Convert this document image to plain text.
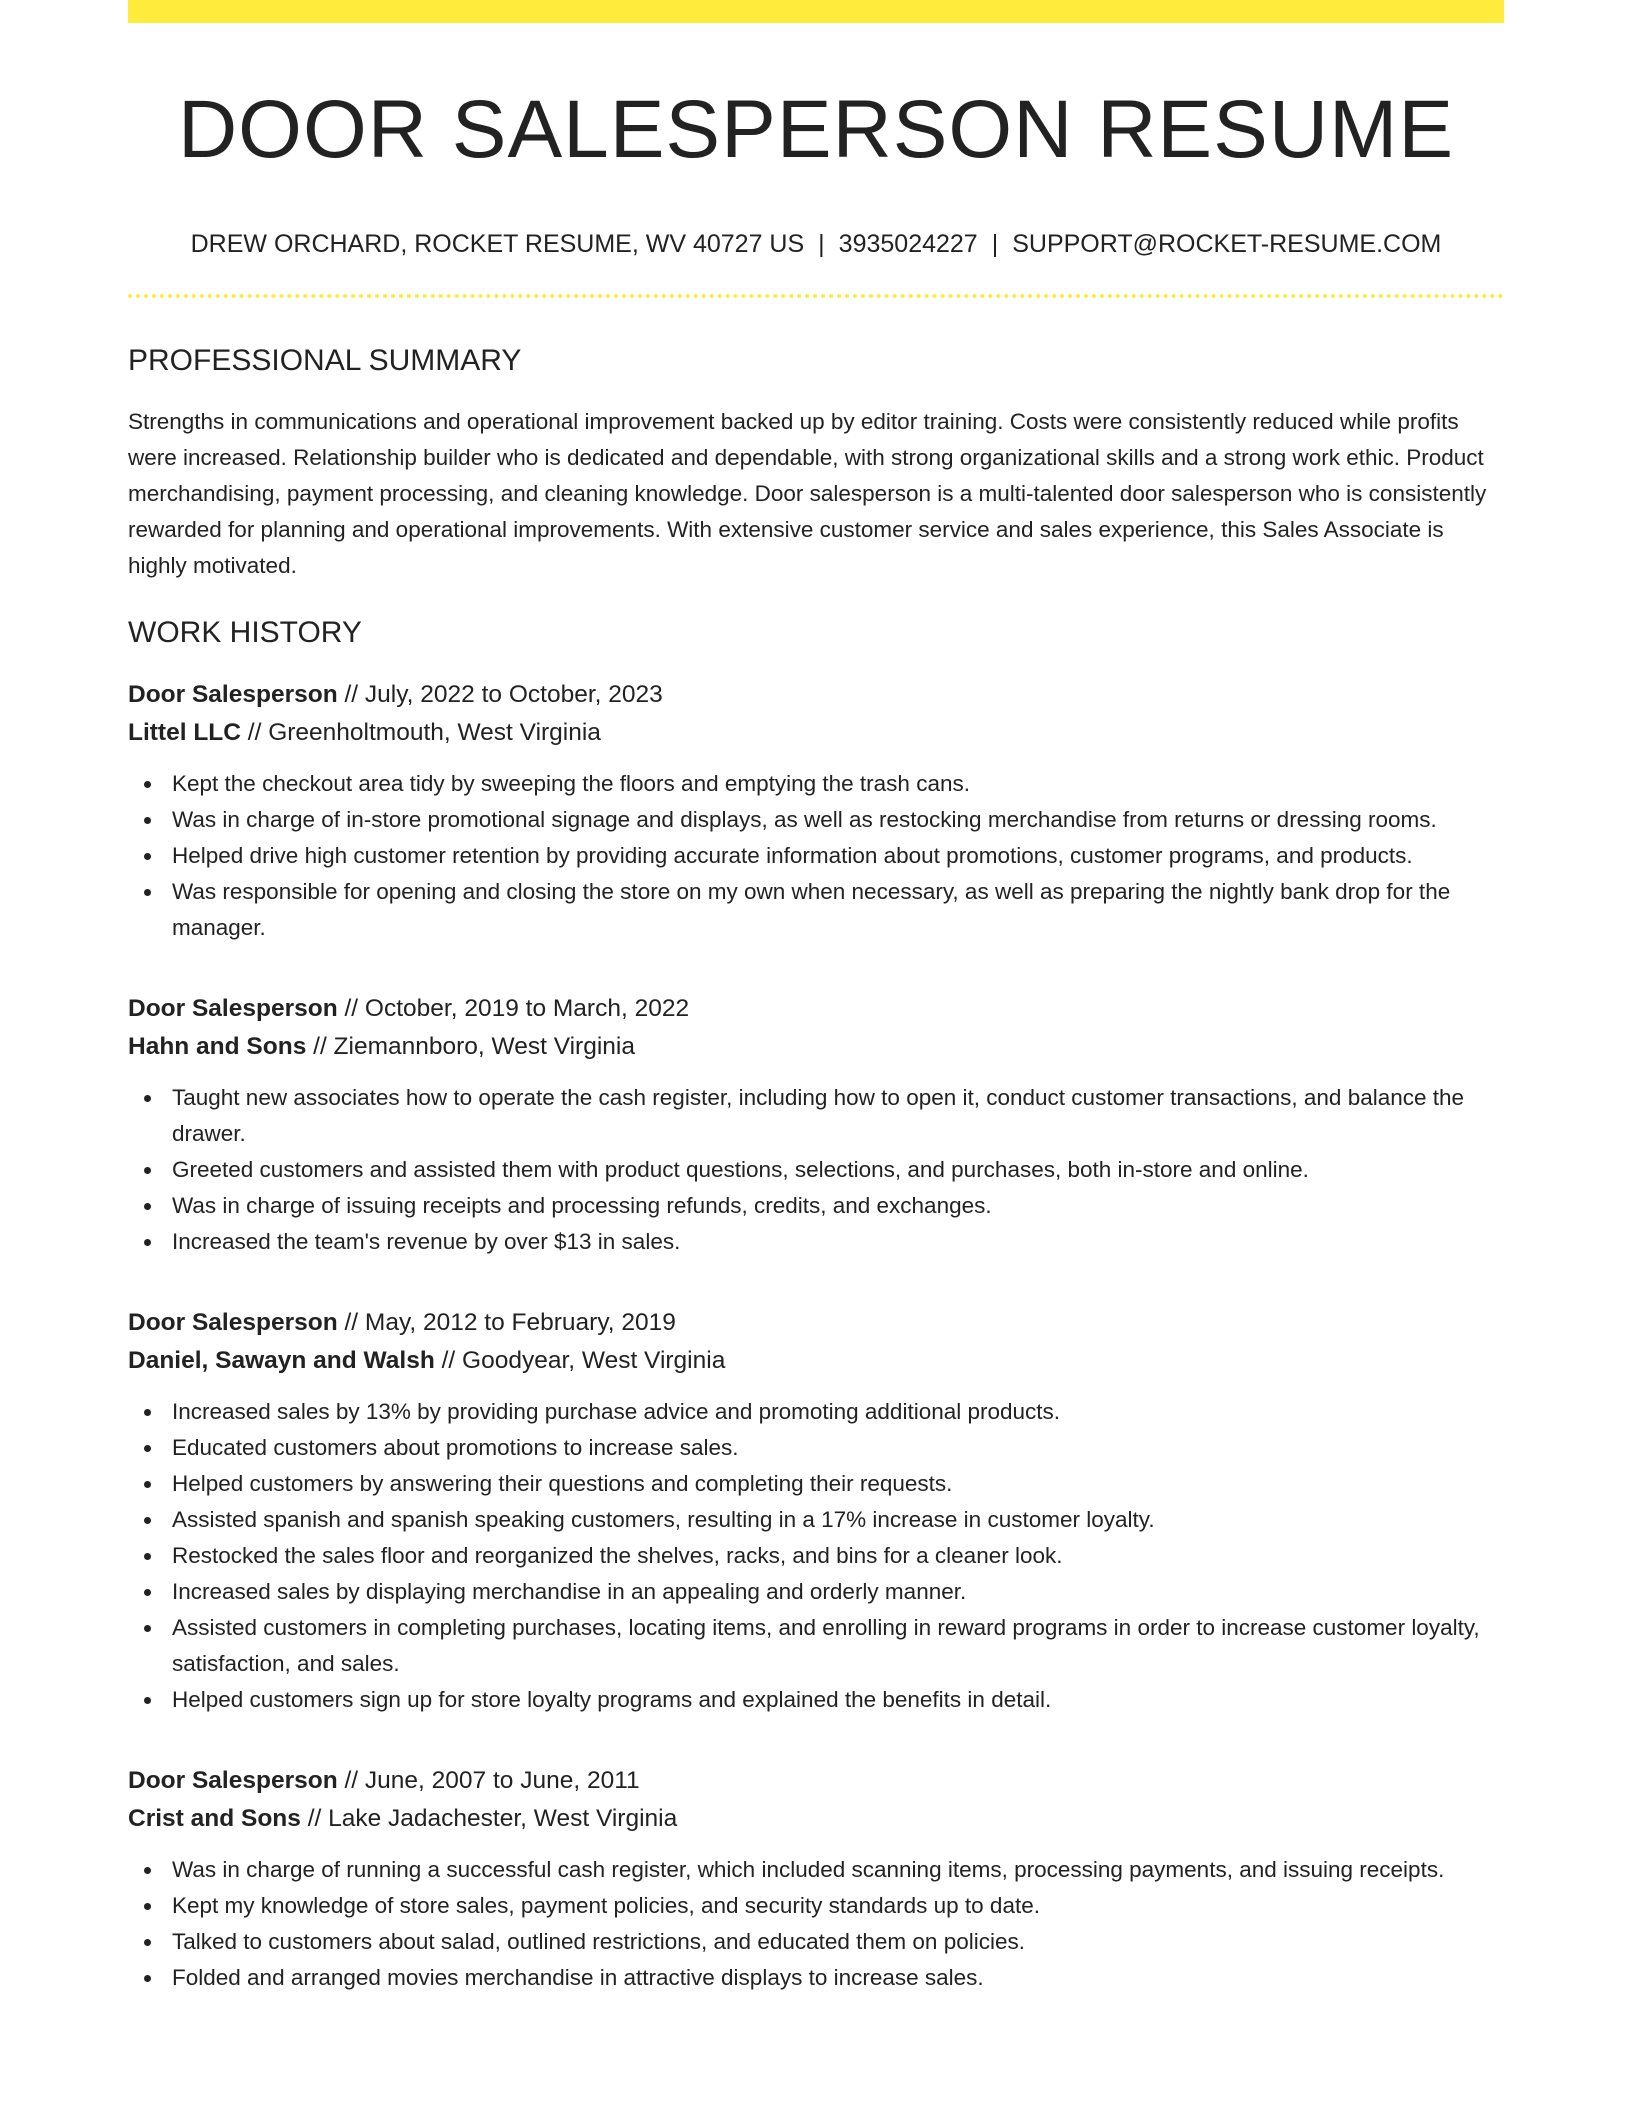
DOOR SALESPERSON RESUME
DREW ORCHARD, ROCKET RESUME, WV 40727 US | 3935024227 | SUPPORT@ROCKET-RESUME.COM
PROFESSIONAL SUMMARY

Strengths in communications and operational improvement backed up by editor training. Costs were consistently reduced while profits were increased. Relationship builder who is dedicated and dependable, with strong organizational skills and a strong work ethic. Product merchandising, payment processing, and cleaning knowledge. Door salesperson is a multi-talented door salesperson who is consistently rewarded for planning and operational improvements. With extensive customer service and sales experience, this Sales Associate is highly motivated.

WORK HISTORY
Door Salesperson // July, 2022 to October, 2023
Littel LLC // Greenholtmouth, West Virginia
Kept the checkout area tidy by sweeping the floors and emptying the trash cans.
Was in charge of in-store promotional signage and displays, as well as restocking merchandise from returns or dressing rooms.
Helped drive high customer retention by providing accurate information about promotions, customer programs, and products.
Was responsible for opening and closing the store on my own when necessary, as well as preparing the nightly bank drop for the manager.
Door Salesperson // October, 2019 to March, 2022
Hahn and Sons // Ziemannboro, West Virginia
Taught new associates how to operate the cash register, including how to open it, conduct customer transactions, and balance the drawer.
Greeted customers and assisted them with product questions, selections, and purchases, both in-store and online.
Was in charge of issuing receipts and processing refunds, credits, and exchanges.
Increased the team's revenue by over $13 in sales.
Door Salesperson // May, 2012 to February, 2019
Daniel, Sawayn and Walsh // Goodyear, West Virginia
Increased sales by 13% by providing purchase advice and promoting additional products.
Educated customers about promotions to increase sales.
Helped customers by answering their questions and completing their requests.
Assisted spanish and spanish speaking customers, resulting in a 17% increase in customer loyalty.
Restocked the sales floor and reorganized the shelves, racks, and bins for a cleaner look.
Increased sales by displaying merchandise in an appealing and orderly manner.
Assisted customers in completing purchases, locating items, and enrolling in reward programs in order to increase customer loyalty, satisfaction, and sales.
Helped customers sign up for store loyalty programs and explained the benefits in detail.
Door Salesperson // June, 2007 to June, 2011
Crist and Sons // Lake Jadachester, West Virginia
Was in charge of running a successful cash register, which included scanning items, processing payments, and issuing receipts.
Kept my knowledge of store sales, payment policies, and security standards up to date.
Talked to customers about salad, outlined restrictions, and educated them on policies.
Folded and arranged movies merchandise in attractive displays to increase sales.
